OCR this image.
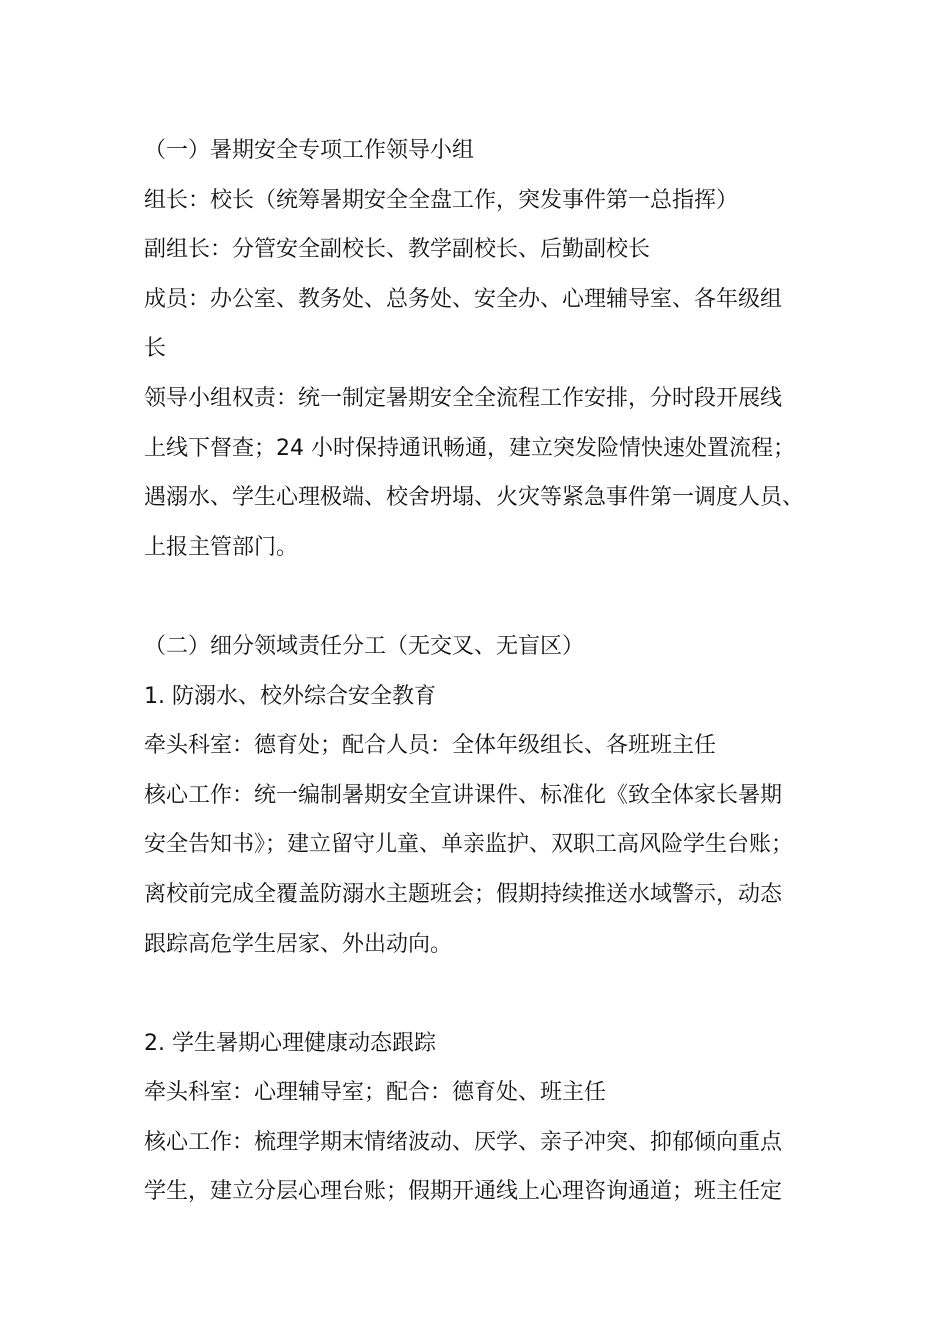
（一）暑期安全专项工作领导小组
组长：校长（统筹暑期安全全盘工作，突发事件第一总指挥）
副组长：分管安全副校长、教学副校长、后勤副校长
成员：办公室、教务处、总务处、安全办、心理辅导室、各年级组
长
领导小组权责：统一制定暑期安全全流程工作安排，分时段开展线
上线下督查；24 小时保持通讯畅通，建立突发险情快速处置流程；
遇溺水、学生心理极端、校舍坍塌、火灾等紧急事件第一调度人员、
上报主管部门。
（二）细分领域责任分工（无交叉、无盲区）
1. 防溺水、校外综合安全教育
牵头科室：德育处；配合人员：全体年级组长、各班班主任
核心工作：统一编制暑期安全宣讲课件、标准化《致全体家长暑期
安全告知书》；建立留守儿童、单亲监护、双职工高风险学生台账；
离校前完成全覆盖防溺水主题班会；假期持续推送水域警示，动态
跟踪高危学生居家、外出动向。
2. 学生暑期心理健康动态跟踪
牵头科室：心理辅导室；配合：德育处、班主任
核心工作：梳理学期末情绪波动、厌学、亲子冲突、抑郁倾向重点
学生，建立分层心理台账；假期开通线上心理咨询通道；班主任定
